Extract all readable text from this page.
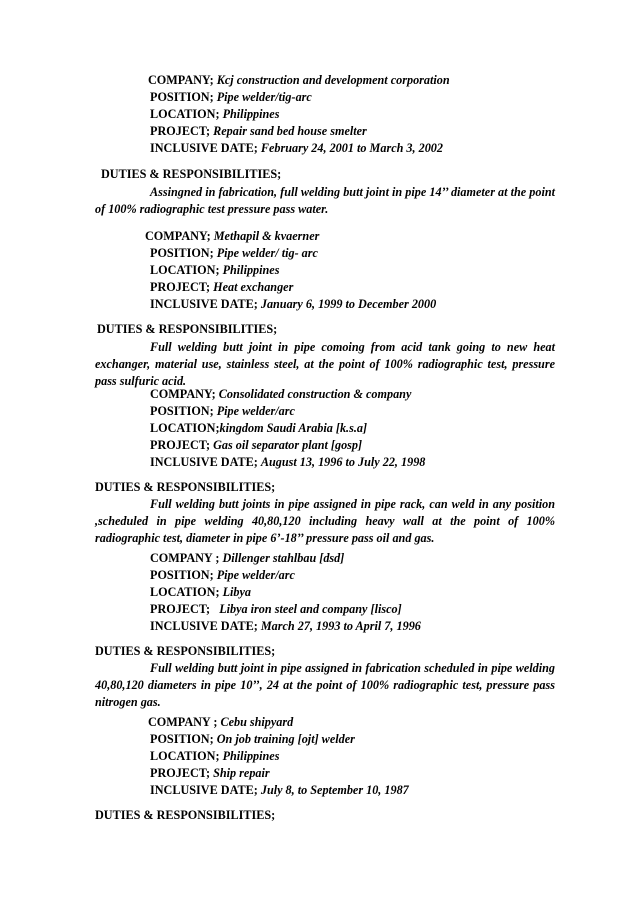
COMPANY; Kcj construction and development corporation
POSITION; Pipe welder/tig-arc
LOCATION; Philippines
PROJECT; Repair sand bed house smelter
INCLUSIVE DATE; February 24, 2001 to March 3, 2002
DUTIES & RESPONSIBILITIES;

Assingned in fabrication, full welding butt joint in pipe 14’’ diameter at the point of 100% radiographic test pressure pass water.

COMPANY; Methapil & kvaerner
POSITION; Pipe welder/ tig- arc
LOCATION; Philippines
PROJECT; Heat exchanger
INCLUSIVE DATE; January 6, 1999 to December 2000
DUTIES & RESPONSIBILITIES;

Full welding butt joint in pipe comoing from acid tank going to new heat exchanger, material use, stainless steel, at the point of 100% radiographic test, pressure pass sulfuric acid.

COMPANY; Consolidated construction & company
POSITION; Pipe welder/arc
LOCATION;kingdom Saudi Arabia [k.s.a]
PROJECT; Gas oil separator plant [gosp]
INCLUSIVE DATE; August 13, 1996 to July 22, 1998
DUTIES & RESPONSIBILITIES;

Full welding butt joints in pipe assigned in pipe rack, can weld in any position ,scheduled in pipe welding 40,80,120 including heavy wall at the point of 100% radiographic test, diameter in pipe 6’-18’’ pressure pass oil and gas.

COMPANY ; Dillenger stahlbau [dsd]
POSITION; Pipe welder/arc
LOCATION; Libya
PROJECT; Libya iron steel and company [lisco]
INCLUSIVE DATE; March 27, 1993 to April 7, 1996
DUTIES & RESPONSIBILITIES;

Full welding butt joint in pipe assigned in fabrication scheduled in pipe welding 40,80,120 diameters in pipe 10’’, 24 at the point of 100% radiographic test, pressure pass nitrogen gas.

COMPANY ; Cebu shipyard
POSITION; On job training [ojt] welder
LOCATION; Philippines
PROJECT; Ship repair
INCLUSIVE DATE; July 8, to September 10, 1987
DUTIES & RESPONSIBILITIES;
